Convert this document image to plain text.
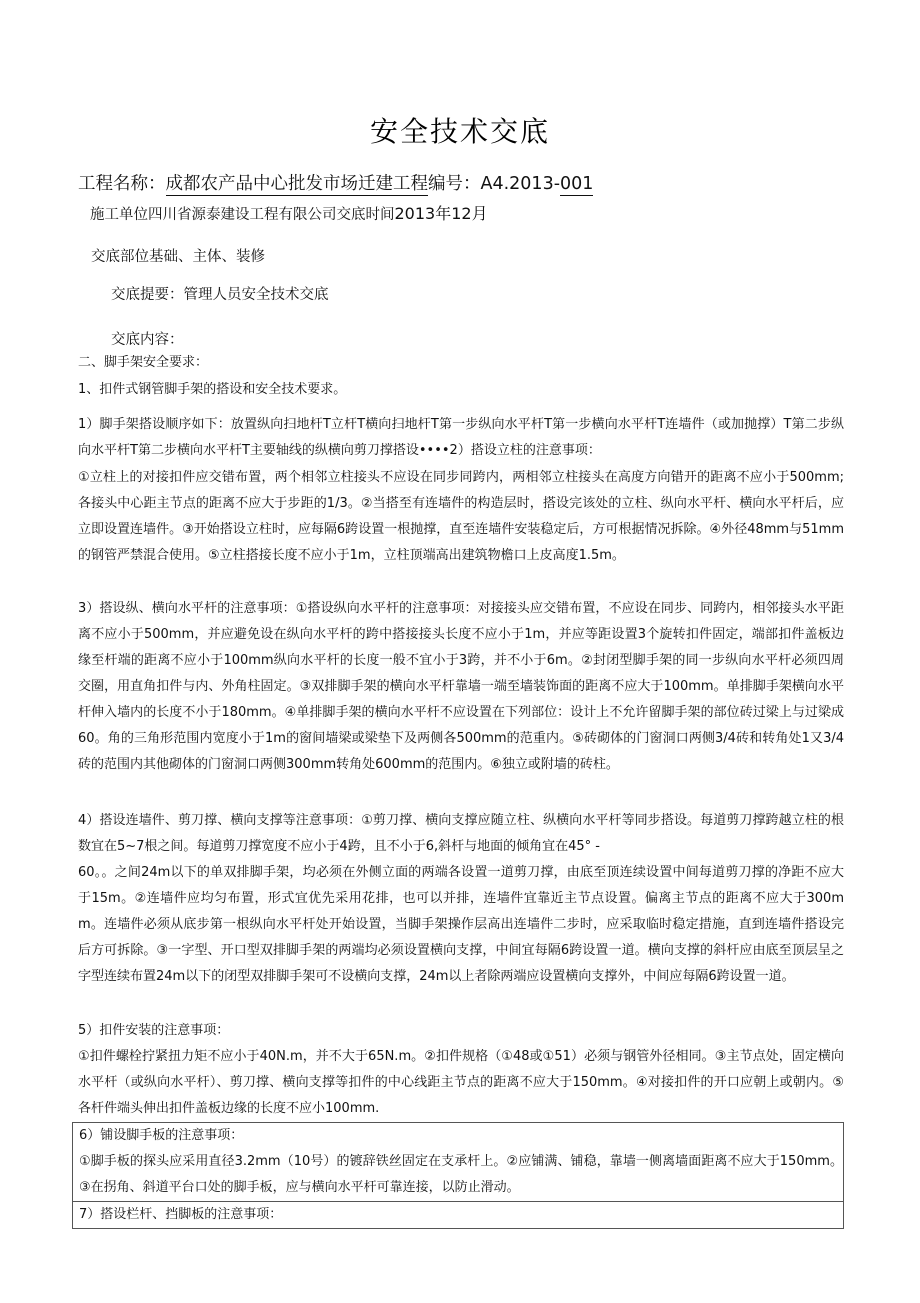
安全技术交底
工程名称：成都农产品中心批发市场迁建工程编号：A4.2013-001
施工单位四川省源泰建设工程有限公司交底时间2013年12月
交底部位基础、主体、装修
交底提要：管理人员安全技术交底
交底内容：
二、脚手架安全要求：
1、扣件式钢管脚手架的搭设和安全技术要求。
1）脚手架搭设顺序如下：放置纵向扫地杆T立杆T横向扫地杆T第一步纵向水平杆T第一步横向水平杆T连墙件（或加抛撑）T第二步纵向水平杆T第二步横向水平杆T主要轴线的纵横向剪刀撑搭设••••2）搭设立柱的注意事项：
①立柱上的对接扣件应交错布置，两个相邻立柱接头不应设在同步同跨内，两相邻立柱接头在高度方向错开的距离不应小于500mm;各接头中心距主节点的距离不应大于步距的1/3。②当搭至有连墙件的构造层时，搭设完该处的立柱、纵向水平杆、横向水平杆后，应立即设置连墙件。③开始搭设立柱时，应每隔6跨设置一根抛撑，直至连墙件安装稳定后，方可根据情况拆除。④外径48mm与51mm的钢管严禁混合使用。⑤立柱搭接长度不应小于1m，立柱顶端高出建筑物檐口上皮高度1.5m。
3）搭设纵、横向水平杆的注意事项：①搭设纵向水平杆的注意事项：对接接头应交错布置，不应设在同步、同跨内，相邻接头水平距离不应小于500mm，并应避免设在纵向水平杆的跨中搭接接头长度不应小于1m，并应等距设置3个旋转扣件固定，端部扣件盖板边缘至杆端的距离不应小于100mm纵向水平杆的长度一般不宜小于3跨，并不小于6m。②封闭型脚手架的同一步纵向水平杆必须四周交圈，用直角扣件与内、外角柱固定。③双排脚手架的横向水平杆靠墙一端至墙装饰面的距离不应大于100mm。单排脚手架横向水平杆伸入墙内的长度不小于180mm。④单排脚手架的横向水平杆不应设置在下列部位：设计上不允许留脚手架的部位砖过梁上与过梁成60。角的三角形范围内宽度小于1m的窗间墙梁或梁垫下及两侧各500mm的范重内。⑤砖砌体的门窗洞口两侧3/4砖和转角处1又3/4砖的范围内其他砌体的门窗洞口两侧300mm转角处600mm的范围内。⑥独立或附墙的砖柱。
4）搭设连墙件、剪刀撑、横向支撑等注意事项：①剪刀撑、横向支撑应随立柱、纵横向水平杆等同步搭设。每道剪刀撑跨越立柱的根数宜在5~7根之间。每道剪刀撑宽度不应小于4跨，且不小于6,斜杆与地面的倾角宜在45° -
60。。之间24m以下的单双排脚手架，均必须在外侧立面的两端各设置一道剪刀撑，由底至顶连续设置中间每道剪刀撑的净距不应大于15m。②连墙件应均匀布置，形式宜优先采用花排，也可以并排，连墙件宜靠近主节点设置。偏离主节点的距离不应大于300mm。连墙件必须从底步第一根纵向水平杆处开始设置，当脚手架操作层高出连墙件二步时，应采取临时稳定措施，直到连墙件搭设完后方可拆除。③一字型、开口型双排脚手架的两端均必须设置横向支撑，中间宜每隔6跨设置一道。横向支撑的斜杆应由底至顶层呈之字型连续布置24m以下的闭型双排脚手架可不设横向支撑，24m以上者除两端应设置横向支撑外，中间应每隔6跨设置一道。
5）扣件安装的注意事项：
①扣件螺栓拧紧扭力矩不应小于40N.m，并不大于65N.m。②扣件规格（①48或①51）必须与钢管外径相同。③主节点处，固定横向水平杆（或纵向水平杆）、剪刀撑、横向支撑等扣件的中心线距主节点的距离不应大于150mm。④对接扣件的开口应朝上或朝内。⑤各杆件端头伸出扣件盖板边缘的长度不应小100mm.
6）铺设脚手板的注意事项：
①脚手板的探头应采用直径3.2mm（10号）的镀辞铁丝固定在支承杆上。②应铺满、铺稳，靠墙一侧离墙面距离不应大于150mm。③在拐角、斜道平台口处的脚手板，应与横向水平杆可靠连接，以防止滑动。
7）搭设栏杆、挡脚板的注意事项：
